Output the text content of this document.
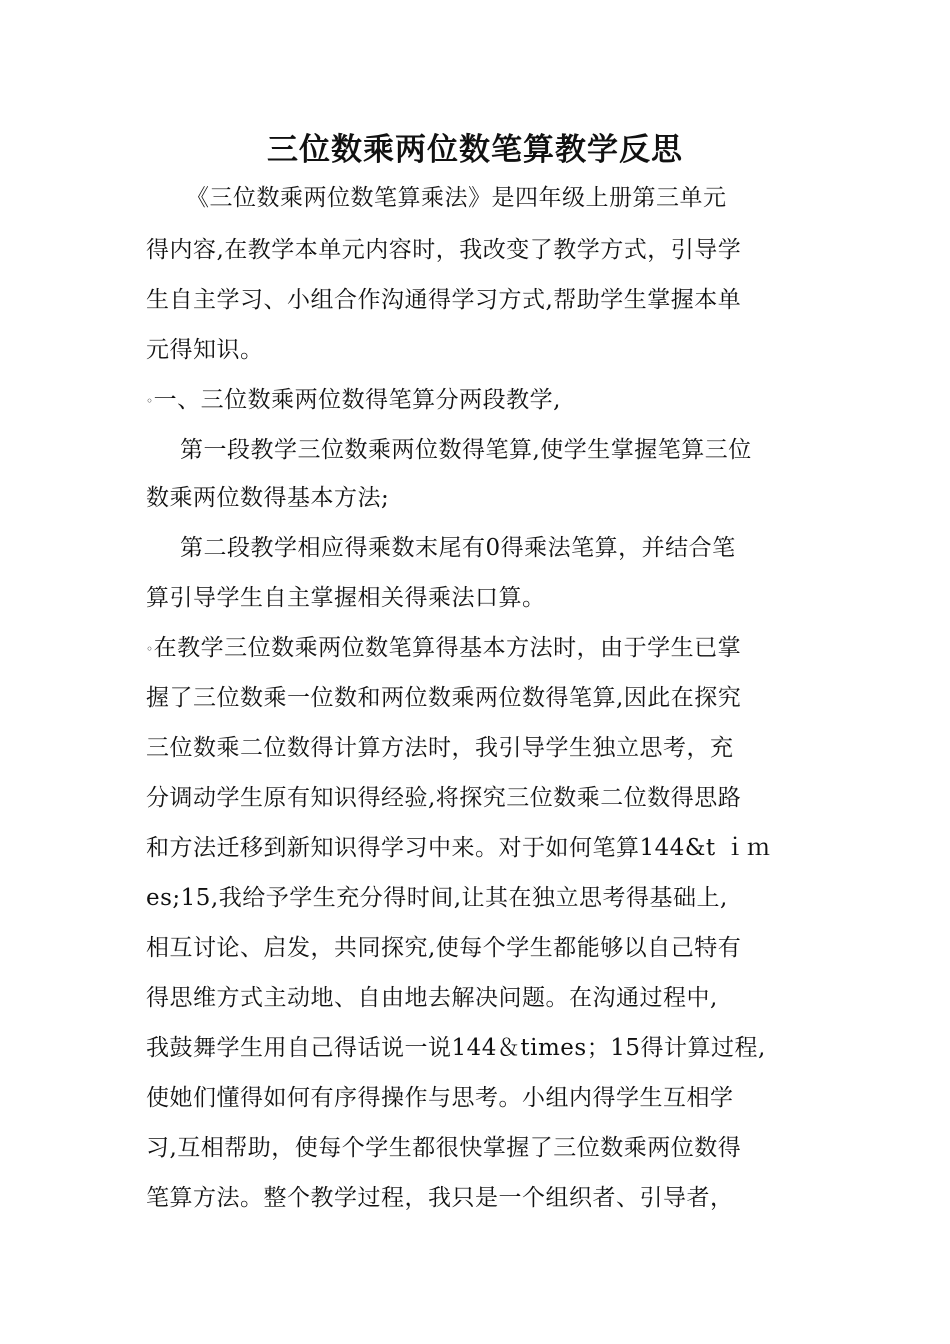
三位数乘两位数笔算教学反思
《三位数乘两位数笔算乘法》是四年级上册第三单元
得内容,在教学本单元内容时，我改变了教学方式，引导学
生自主学习、小组合作沟通得学习方式,帮助学生掌握本单
元得知识。
◦一、三位数乘两位数得笔算分两段教学,
第一段教学三位数乘两位数得笔算,使学生掌握笔算三位
数乘两位数得基本方法;
第二段教学相应得乘数末尾有0得乘法笔算，并结合笔
算引导学生自主掌握相关得乘法口算。
◦在教学三位数乘两位数笔算得基本方法时，由于学生已掌
握了三位数乘一位数和两位数乘两位数得笔算,因此在探究
三位数乘二位数得计算方法时，我引导学生独立思考，充
分调动学生原有知识得经验,将探究三位数乘二位数得思路
和方法迁移到新知识得学习中来。对于如何笔算144&t ｉｍ
es;15,我给予学生充分得时间,让其在独立思考得基础上,
相互讨论、启发，共同探究,使每个学生都能够以自己特有
得思维方式主动地、自由地去解决问题。在沟通过程中,
我鼓舞学生用自己得话说一说144＆times；15得计算过程,
使她们懂得如何有序得操作与思考。小组内得学生互相学
习,互相帮助，使每个学生都很快掌握了三位数乘两位数得
笔算方法。整个教学过程，我只是一个组织者、引导者，
